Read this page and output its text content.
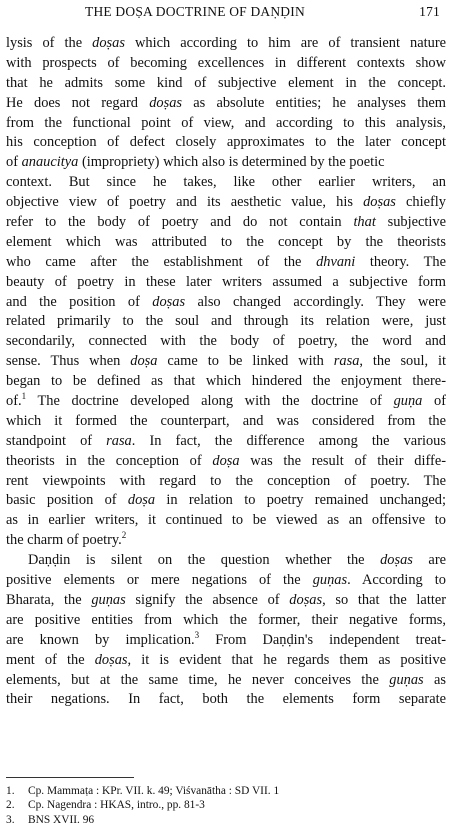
THE DOṢA DOCTRINE OF DAṆḌIN	171
lysis of the doṣas which according to him are of transient nature
with prospects of becoming excellences in different contexts show
that he admits some kind of subjective element in the concept.
He does not regard doṣas as absolute entities; he analyses them
from the functional point of view, and according to this analysis,
his conception of defect closely approximates to the later concept
of anaucitya (impropriety) which also is determined by the poetic
context. But since he takes, like other earlier writers, an
objective view of poetry and its aesthetic value, his doṣas chiefly
refer to the body of poetry and do not contain that subjective
element which was attributed to the concept by the theorists
who came after the establishment of the dhvani theory. The
beauty of poetry in these later writers assumed a subjective form
and the position of doṣas also changed accordingly. They were
related primarily to the soul and through its relation were, just
secondarily, connected with the body of poetry, the word and
sense. Thus when doṣa came to be linked with rasa, the soul, it
began to be defined as that which hindered the enjoyment there-
of.$^1$ The doctrine developed along with the doctrine of guṇa of
which it formed the counterpart, and was considered from the
standpoint of rasa. In fact, the difference among the various
theorists in the conception of doṣa was the result of their diffe-
rent viewpoints with regard to the conception of poetry. The
basic position of doṣa in relation to poetry remained unchanged;
as in earlier writers, it continued to be viewed as an offensive to
the charm of poetry.$^2$
Daṇḍin is silent on the question whether the doṣas are
positive elements or mere negations of the guṇas. According to
Bharata, the guṇas signify the absence of doṣas, so that the latter
are positive entities from which the former, their negative forms,
are known by implication.$^3$ From Daṇḍin's independent treat-
ment of the doṣas, it is evident that he regards them as positive
elements, but at the same time, he never conceives the guṇas as
their negations. In fact, both the elements form separate
1. Cp. Mammaṭa : KPr. VII. k. 49; Viśvanātha : SD VII. 1
2. Cp. Nagendra : HKAS, intro., pp. 81-3
3. BNS XVII. 96
